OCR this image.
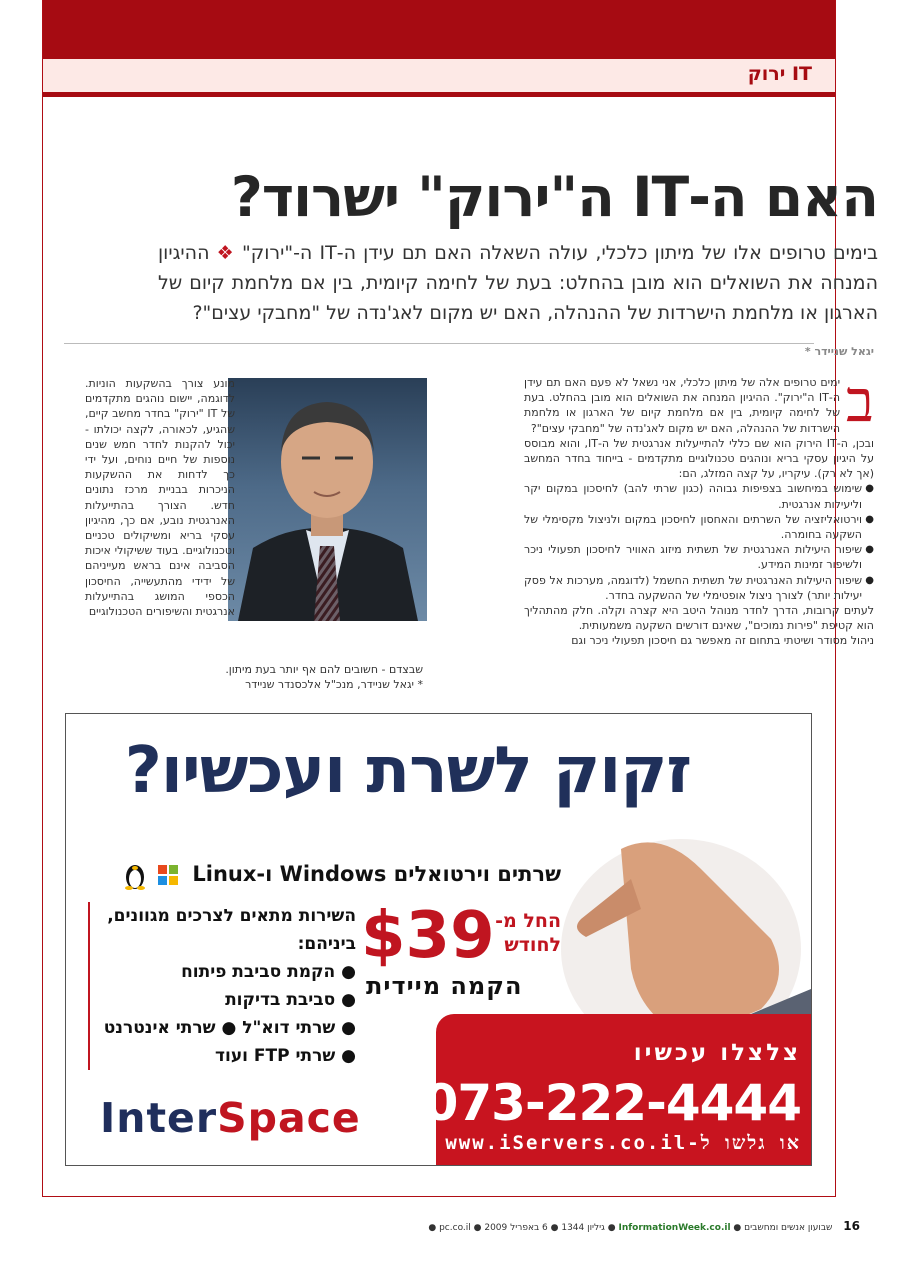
IT ירוק
האם ה-IT ה"ירוק" ישרוד?

בימים טרופים אלו של מיתון כלכלי, עולה השאלה האם תם עידן ה-IT ה-"ירוק" ❖ ההיגיון המנחה את השואלים הוא מובן בהחלט: בעת של לחימה קיומית, בין אם מלחמת קיום של הארגון או מלחמת הישרדות של ההנהלה, האם יש מקום לאג'נדה של "מחבקי עצים"?

יגאל שניידר *
ב

ימים טרופים אלה של מיתון כלכלי, אני נשאל לא פעם האם תם עידן ה-IT ה"ירוק". ההיגיון המנחה את השואלים הוא מובן בהחלט. בעת של לחימה קיומית, בין אם מלחמת קיום של הארגון או מלחמת הישרדות של ההנהלה, האם יש מקום לאג'נדה של "מחבקי עצים"?

ובכן, ה-IT הירוק הוא שם כללי להתייעלות אנרגטית של ה-IT, והוא מבוסס על היגיון עסקי בריא ונוהגים טכנולוגיים מתקדמים - בייחוד בחדר המחשב (אך לא רק). עיקריו, על קצה המזלג, הם:

● שימוש במיחשוב בצפיפות גבוהה (כגון שרתי להב) לחיסכון במקום יקר וליעילות אנרגטית.
● וירטואליזציה של השרתים והאחסון לחיסכון במקום ולניצול מקסימלי של השקעה בחומרה.
● שיפור היעילות האנרגטית של תשתית מיזוג האוויר לחיסכון תפעולי ניכר ולשיפור זמינות המידע.
● שיפור היעילות האנרגטית של תשתית החשמל (לדוגמה, מערכות אל פסק יעילות יותר) לצורך ניצול אופטימלי של ההשקעה בחדר.

לעתים קרובות, הדרך לחדר מנוהל היטב היא קצרה וקלה. חלק מהתהליך הוא קטיפת "פירות נמוכים", שאינם דורשים השקעה משמעותית.

ניהול מסודר ושיטתי בתחום זה מאפשר גם חיסכון תפעולי ניכר וגם

מונע צורך בהשקעות הוניות. לדוגמה, יישום נוהגים מתקדמים של IT "ירוק" בחדר מחשב קיים, שהגיע, לכאורה, לקצה יכולתו - יכול להקנות לחדר חמש שנים נוספות של חיים נוחים, ועל ידי כך לדחות את ההשקעות הניכרות בבניית מרכז נתונים חדש. הצורך בהתייעלות האנרגטית נובע, אם כך, מהיגיון עסקי בריא ומשיקולים טכניים וטכנולוגיים. בעוד ששיקולי איכות הסביבה אינם בראש מעייניהם של ידידי מהתעשייה, החיסכון הכספי המושג בהתייעלות אנרגטית והשיפורים הטכנולוגיים
שבצדם - חשובים להם אף יותר בעת מיתון.
* יגאל שניידר, מנכ"ל אלכסנדר שניידר
זקוק לשרת ועכשיו?
שרתים וירטואלים Windows ו-Linux
השירות מתאים לצרכים מגוונים, ביניהם:
● הקמת סביבת פיתוח
● סביבת בדיקות
● שרתי דוא"ל ● שרתי אינטרנט
● שרתי FTP ועוד
$39 החל מ- לחודש
הקמה מיידית
צלצלו עכשיו
073-222-4444
או גלשו ל-www.iServers.co.il
InterSpace
16 שבועון אנשים ומחשבים ● InformationWeek.co.il ● גיליון 1344 ● 6 באפריל 2009 ● pc.co.il ●
